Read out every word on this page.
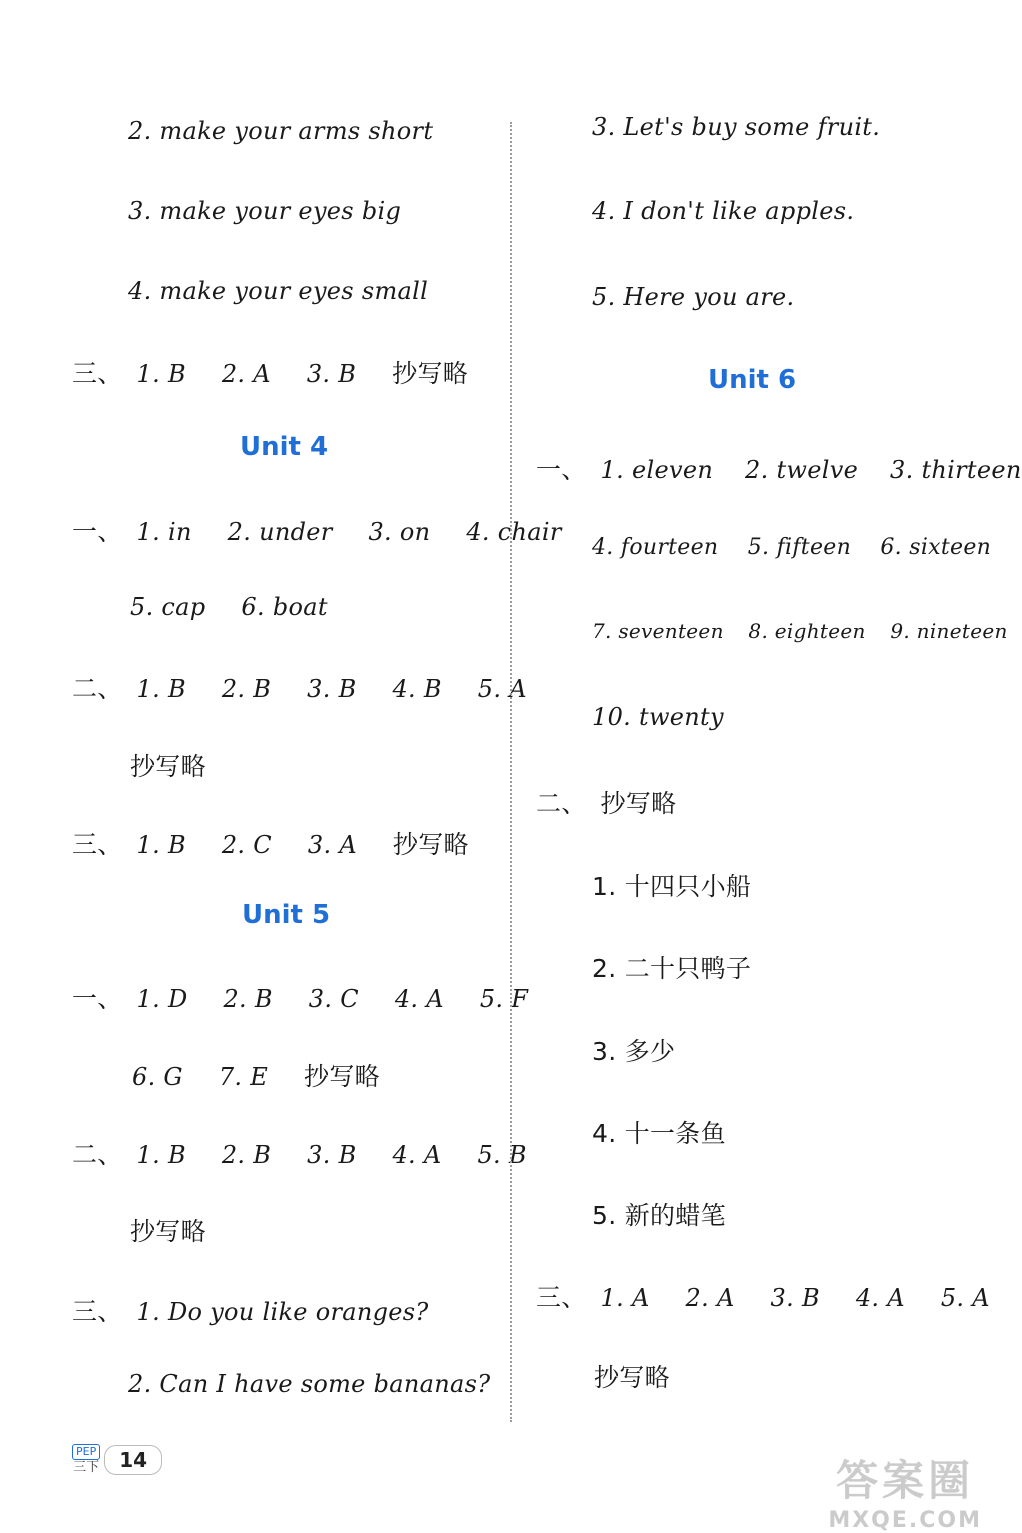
2. make your arms short
3. make your eyes big
4. make your eyes small
三、 1. B 2. A 3. B 抄写略
Unit 4
一、 1. in 2. under 3. on 4. chair
5. cap 6. boat
二、 1. B 2. B 3. B 4. B 5. A
抄写略
三、 1. B 2. C 3. A 抄写略
Unit 5
一、 1. D 2. B 3. C 4. A 5. F
6. G 7. E 抄写略
二、 1. B 2. B 3. B 4. A 5. B
抄写略
三、 1. Do you like oranges?
2. Can I have some bananas?
3. Let's buy some fruit.
4. I don't like apples.
5. Here you are.
Unit 6
一、 1. eleven 2. twelve 3. thirteen
4. fourteen 5. fifteen 6. sixteen
7. seventeen 8. eighteen 9. nineteen
10. twenty
二、 抄写略
1. 十四只小船
2. 二十只鸭子
3. 多少
4. 十一条鱼
5. 新的蜡笔
三、 1. A 2. A 3. B 4. A 5. A
抄写略
PEP
三下	14	答案圈
MXQE.COM
